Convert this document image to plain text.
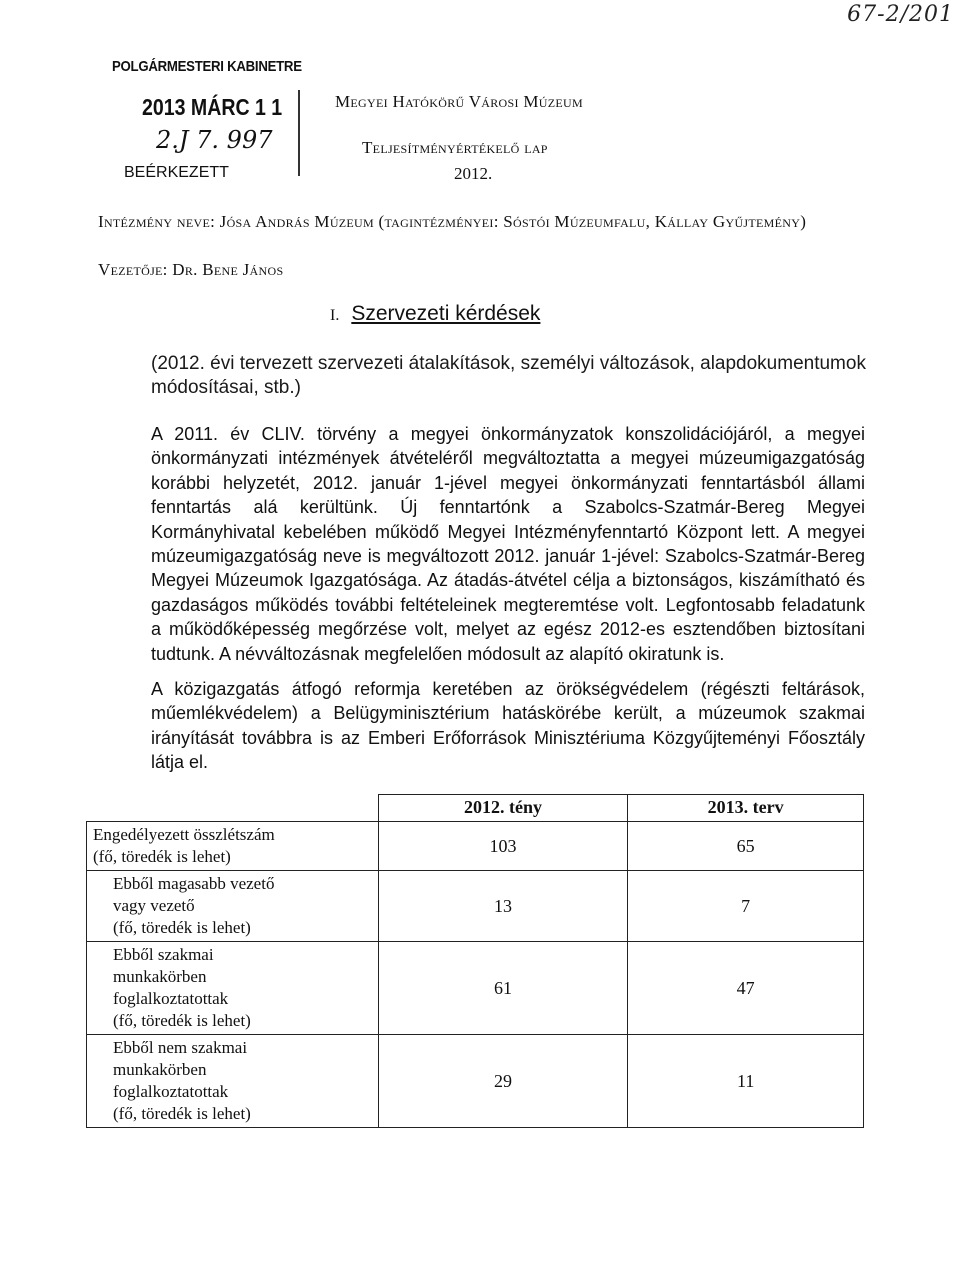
67-2/201
POLGÁRMESTERI KABINETRE
2013 MÁRC 1 1
2.J 7. 997
BEÉRKEZETT
Megyei Hatókörű Városi Múzeum
Teljesítményértékelő lap
2012.
Intézmény neve: Jósa András Múzeum (tagintézményei: Sóstói Múzeumfalu, Kállay Gyűjtemény)
Vezetője: Dr. Bene János
I. Szervezeti kérdések
(2012. évi tervezett szervezeti átalakítások, személyi változások, alapdokumentumok módosításai, stb.)
A 2011. év CLIV. törvény a megyei önkormányzatok konszolidációjáról, a megyei önkormányzati intézmények átvételéről megváltoztatta a megyei múzeumigazgatóság korábbi helyzetét, 2012. január 1-jével megyei önkormányzati fenntartásból állami fenntartás alá kerültünk. Új fenntartónk a Szabolcs-Szatmár-Bereg Megyei Kormányhivatal kebelében működő Megyei Intézményfenntartó Központ lett. A megyei múzeumigazgatóság neve is megváltozott 2012. január 1-jével: Szabolcs-Szatmár-Bereg Megyei Múzeumok Igazgatósága. Az átadás-átvétel célja a biztonságos, kiszámítható és gazdaságos működés további feltételeinek megteremtése volt. Legfontosabb feladatunk a működőképesség megőrzése volt, melyet az egész 2012-es esztendőben biztosítani tudtunk. A névváltozásnak megfelelően módosult az alapító okiratunk is.
A közigazgatás átfogó reformja keretében az örökségvédelem (régészti feltárások, műemlékvédelem) a Belügyminisztérium hatáskörébe került, a múzeumok szakmai irányítását továbbra is az Emberi Erőforrások Minisztériuma Közgyűjteményi Főosztály látja el.
	2012. tény	2013. terv

Engedélyezett összlétszám
(fő, töredék is lehet)	103	65

Ebből magasabb vezető
vagy vezető
(fő, töredék is lehet)	13	7

Ebből szakmai
munkakörben
foglalkoztatottak
(fő, töredék is lehet)	61	47

Ebből nem szakmai
munkakörben
foglalkoztatottak
(fő, töredék is lehet)	29	11
